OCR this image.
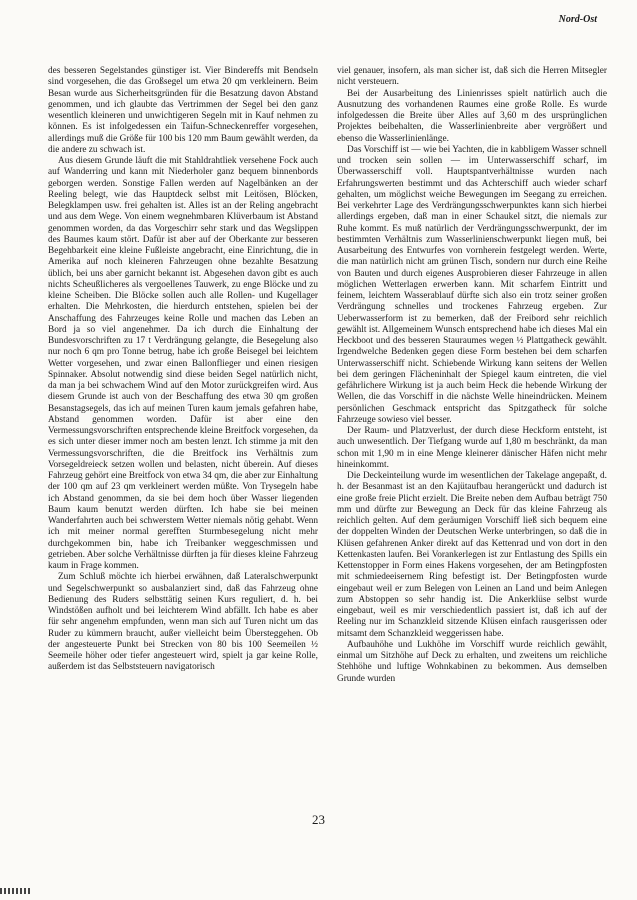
Nord-Ost

des besseren Segelstandes günstiger ist. Vier Bindereffs mit Bendseln sind vorgesehen, die das Großsegel um etwa 20 qm verkleinern. Beim Besan wurde aus Sicherheitsgründen für die Besatzung davon Abstand genommen, und ich glaubte das Vertrimmen der Segel bei den ganz wesentlich kleineren und unwichtigeren Segeln mit in Kauf nehmen zu können. Es ist infolgedessen ein Taifun-Schneckenreffer vorgesehen, allerdings muß die Größe für 100 bis 120 mm Baum gewählt werden, da die andere zu schwach ist.

Aus diesem Grunde läuft die mit Stahldrahtliek versehene Fock auch auf Wanderring und kann mit Niederholer ganz bequem binnenbords geborgen werden. Sonstige Fallen werden auf Nagelbänken an der Reeling belegt, wie das Hauptdeck selbst mit Leitösen, Blöcken, Belegklampen usw. frei gehalten ist. Alles ist an der Reling angebracht und aus dem Wege. Von einem wegnehmbaren Klüverbaum ist Abstand genommen worden, da das Vorgeschirr sehr stark und das Wegslippen des Baumes kaum stört. Dafür ist aber auf der Oberkante zur besseren Begehbarkeit eine kleine Fußleiste angebracht, eine Einrichtung, die in Amerika auf noch kleineren Fahrzeugen ohne bezahlte Besatzung üblich, bei uns aber garnicht bekannt ist. Abgesehen davon gibt es auch nichts Scheußlicheres als vergoellenes Tauwerk, zu enge Blöcke und zu kleine Scheiben. Die Blöcke sollen auch alle Rollen- und Kugellager erhalten. Die Mehrkosten, die hierdurch entstehen, spielen bei der Anschaffung des Fahrzeuges keine Rolle und machen das Leben an Bord ja so viel angenehmer. Da ich durch die Einhaltung der Bundesvorschriften zu 17 t Verdrängung gelangte, die Besegelung also nur noch 6 qm pro Tonne betrug, habe ich große Beisegel bei leichtem Wetter vorgesehen, und zwar einen Ballonflieger und einen riesigen Spinnaker. Absolut notwendig sind diese beiden Segel natürlich nicht, da man ja bei schwachem Wind auf den Motor zurückgreifen wird. Aus diesem Grunde ist auch von der Beschaffung des etwa 30 qm großen Besanstagsegels, das ich auf meinen Turen kaum jemals gefahren habe, Abstand genommen worden. Dafür ist aber eine den Vermessungsvorschriften entsprechende kleine Breitfock vorgesehen, da es sich unter dieser immer noch am besten lenzt. Ich stimme ja mit den Vermessungsvorschriften, die die Breitfock ins Verhältnis zum Vorsegeldreieck setzen wollen und belasten, nicht überein. Auf dieses Fahrzeug gehört eine Breitfock von etwa 34 qm, die aber zur Einhaltung der 100 qm auf 23 qm verkleinert werden müßte. Von Trysegeln habe ich Abstand genommen, da sie bei dem hoch über Wasser liegenden Baum kaum benutzt werden dürften. Ich habe sie bei meinen Wanderfahrten auch bei schwerstem Wetter niemals nötig gehabt. Wenn ich mit meiner normal gerefften Sturmbesegelung nicht mehr durchgekommen bin, habe ich Treibanker weggeschmissen und getrieben. Aber solche Verhältnisse dürften ja für dieses kleine Fahrzeug kaum in Frage kommen.

Zum Schluß möchte ich hierbei erwähnen, daß Lateralschwerpunkt und Segelschwerpunkt so ausbalanziert sind, daß das Fahrzeug ohne Bedienung des Ruders selbsttätig seinen Kurs reguliert, d. h. bei Windstößen aufholt und bei leichterem Wind abfällt. Ich habe es aber für sehr angenehm empfunden, wenn man sich auf Turen nicht um das Ruder zu kümmern braucht, außer vielleicht beim Übersteggehen. Ob der angesteuerte Punkt bei Strecken von 80 bis 100 Seemeilen ½ Seemeile höher oder tiefer angesteuert wird, spielt ja gar keine Rolle, außerdem ist das Selbststeuern navigatorisch

viel genauer, insofern, als man sicher ist, daß sich die Herren Mitsegler nicht versteuern.

Bei der Ausarbeitung des Linienrisses spielt natürlich auch die Ausnutzung des vorhandenen Raumes eine große Rolle. Es wurde infolgedessen die Breite über Alles auf 3,60 m des ursprünglichen Projektes beibehalten, die Wasserlinienbreite aber vergrößert und ebenso die Wasserlinienlänge.

Das Vorschiff ist — wie bei Yachten, die in kabbligem Wasser schnell und trocken sein sollen — im Unterwasserschiff scharf, im Überwasserschiff voll. Hauptspantverhältnisse wurden nach Erfahrungswerten bestimmt und das Achterschiff auch wieder scharf gehalten, um möglichst weiche Bewegungen im Seegang zu erreichen. Bei verkehrter Lage des Verdrängungsschwerpunktes kann sich hierbei allerdings ergeben, daß man in einer Schaukel sitzt, die niemals zur Ruhe kommt. Es muß natürlich der Verdrängungsschwerpunkt, der im bestimmten Verhältnis zum Wasserlinienschwerpunkt liegen muß, bei Ausarbeitung des Entwurfes von vornherein festgelegt werden. Werte, die man natürlich nicht am grünen Tisch, sondern nur durch eine Reihe von Bauten und durch eigenes Ausprobieren dieser Fahrzeuge in allen möglichen Wetterlagen erwerben kann. Mit scharfem Eintritt und feinem, leichtem Wasserablauf dürfte sich also ein trotz seiner großen Verdrängung schnelles und trockenes Fahrzeug ergeben. Zur Ueberwasserform ist zu bemerken, daß der Freibord sehr reichlich gewählt ist. Allgemeinem Wunsch entsprechend habe ich dieses Mal ein Heckboot und des besseren Stauraumes wegen ½ Plattgatheck gewählt. Irgendwelche Bedenken gegen diese Form bestehen bei dem scharfen Unterwasserschiff nicht. Schiebende Wirkung kann seitens der Wellen bei dem geringen Flächeninhalt der Spiegel kaum eintreten, die viel gefährlichere Wirkung ist ja auch beim Heck die hebende Wirkung der Wellen, die das Vorschiff in die nächste Welle hineindrücken. Meinem persönlichen Geschmack entspricht das Spitzgatheck für solche Fahrzeuge sowieso viel besser.

Der Raum- und Platzverlust, der durch diese Heckform entsteht, ist auch unwesentlich. Der Tiefgang wurde auf 1,80 m beschränkt, da man schon mit 1,90 m in eine Menge kleinerer dänischer Häfen nicht mehr hineinkommt.

Die Deckeinteilung wurde im wesentlichen der Takelage angepaßt, d. h. der Besanmast ist an den Kajütaufbau herangerückt und dadurch ist eine große freie Plicht erzielt. Die Breite neben dem Aufbau beträgt 750 mm und dürfte zur Bewegung an Deck für das kleine Fahrzeug als reichlich gelten. Auf dem geräumigen Vorschiff ließ sich bequem eine der doppelten Winden der Deutschen Werke unterbringen, so daß die in Klüsen gefahrenen Anker direkt auf das Kettenrad und von dort in den Kettenkasten laufen. Bei Vorankerlegen ist zur Entlastung des Spills ein Kettenstopper in Form eines Hakens vorgesehen, der am Betingpfosten mit schmiedeeisernem Ring befestigt ist. Der Betingpfosten wurde eingebaut weil er zum Belegen von Leinen an Land und beim Anlegen zum Abstoppen so sehr handig ist. Die Ankerklüse selbst wurde eingebaut, weil es mir verschiedentlich passiert ist, daß ich auf der Reeling nur im Schanzkleid sitzende Klüsen einfach rausgerissen oder mitsamt dem Schanzkleid weggerissen habe.

Aufbauhöhe und Lukhöhe im Vorschiff wurde reichlich gewählt, einmal um Sitzhöhe auf Deck zu erhalten, und zweitens um reichliche Stehhöhe und luftige Wohnkabinen zu bekommen. Aus demselben Grunde wurden

23
